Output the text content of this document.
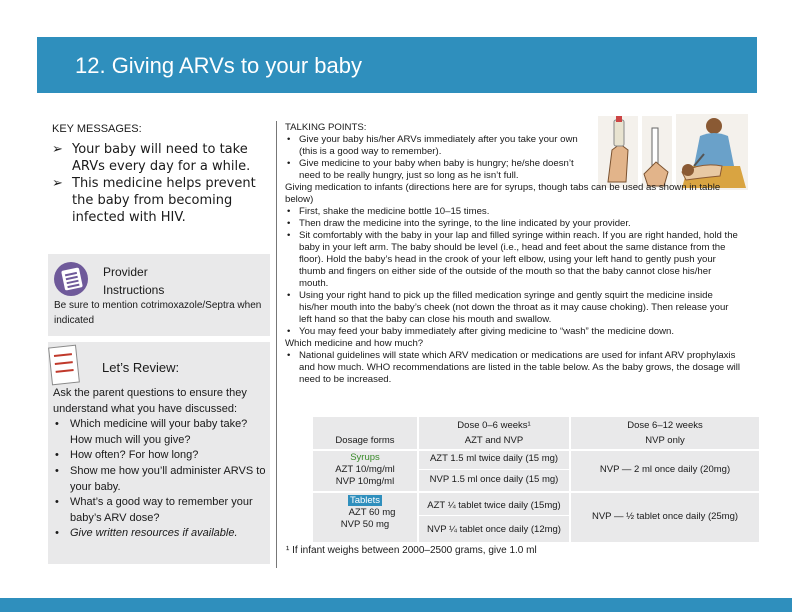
12. Giving ARVs to your baby
KEY MESSAGES:
➢ Your baby will need to take ARVs every day for a while.
➢ This medicine helps prevent the baby from becoming infected with HIV.
Provider
Instructions
Be sure to mention cotrimoxazole/Septra when indicated
Let’s Review:
Ask the parent questions to ensure they understand what you have discussed:
• Which medicine will your baby take? How much will you give?
• How often? For how long?
• Show me how you’ll administer ARVS to your baby.
• What’s a good way to remember your baby’s ARV dose?
• Give written resources if available.
TALKING POINTS:
• Give your baby his/her ARVs immediately after you take your own (this is a good way to remember).
• Give medicine to your baby when baby is hungry; he/she doesn’t need to be really hungry, just so long as he isn’t full.
Giving medication to infants (directions here are for syrups, though tabs can be used as shown in table below)
• First, shake the medicine bottle 10–15 times.
• Then draw the medicine into the syringe, to the line indicated by your provider.
• Sit comfortably with the baby in your lap and filled syringe within reach. If you are right handed, hold the baby in your left arm. The baby should be level (i.e., head and feet about the same distance from the floor). Hold the baby’s head in the crook of your left elbow, using your left hand to gently push your thumb and fingers on either side of the outside of the mouth so that the baby cannot close his/her mouth.
• Using your right hand to pick up the filled medication syringe and gently squirt the medicine inside his/her mouth into the baby’s cheek (not down the throat as it may cause choking). Then release your left hand so that the baby can close his mouth and swallow.
• You may feed your baby immediately after giving medicine to “wash” the medicine down.
Which medicine and how much?
• National guidelines will state which ARV medication or medications are used for infant ARV prophylaxis and how much. WHO recommendations are listed in the table below. As the baby grows, the dosage will need to be increased.
Dosage forms
Dose 0–6 weeks¹
AZT and NVP
Dose 6–12 weeks
NVP only
Syrups
AZT 10/mg/ml
NVP 10mg/ml
AZT 1.5 ml twice daily (15 mg)
NVP 1.5 ml once daily (15 mg)
NVP — 2 ml once daily (20mg)
Tablets
AZT 60 mg
NVP 50 mg
AZT ¼ tablet twice daily (15mg)
NVP ¼ tablet once daily (12mg)
NVP — ½ tablet once daily (25mg)
¹ If infant weighs between 2000–2500 grams, give 1.0 ml
